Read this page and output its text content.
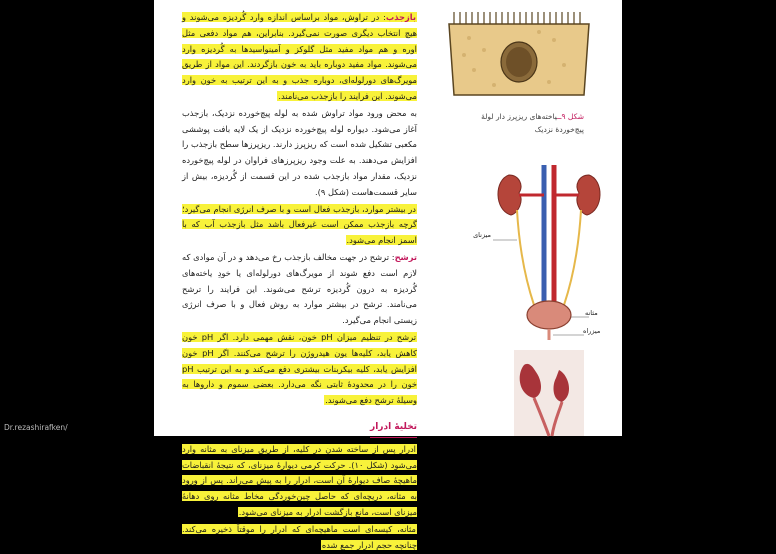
بازجذب: در تراوش، مواد براساس اندازه وارد گُردیزه می‌شوند و هیچ انتخاب دیگری صورت نمی‌گیرد. بنابراین، هم مواد دفعی مثل اوره و هم مواد مفید مثل گلوکز و آمینواسیدها به گُردیزه وارد می‌شوند. مواد مفید دوباره باید به خون بازگردند. این مواد از طریق مویرگ‌های دورلوله‌ای، دوباره جذب و به این ترتیب به خون وارد می‌شوند. این فرایند را بازجذب می‌نامند.

به محض ورود مواد تراوش شده به لوله پیچ‌خورده نزدیک، بازجذب آغاز می‌شود. دیواره لوله پیچ‌خورده نزدیک از یک لایه بافت پوششی مکعبی تشکیل شده است که ریزپرز دارند. ریزپرزها سطح بازجذب را افزایش می‌دهند. به علت وجود ریزپرزهای فراوان در لوله پیچ‌خورده نزدیک، مقدار مواد بازجذب شده در این قسمت از گُردیزه، بیش از سایر قسمت‌هاست (شکل ۹).

در بیشتر موارد، بازجذب فعال است و با صرف انرژی انجام می‌گیرد؛ گرچه بازجذب ممکن است غیرفعال باشد مثل بازجذب آب که با اسمز انجام می‌شود.

ترشح: ترشح در جهت مخالف بازجذب رخ می‌دهد و در آن موادی که لازم است دفع شوند از مویرگ‌های دورلوله‌ای یا خودِ یاخته‌های گُردیزه به درون گُردیزه ترشح می‌شوند. این فرایند را ترشح می‌نامند. ترشح در بیشتر موارد به روش فعال و با صرف انرژی زیستی انجام می‌گیرد.

ترشح در تنظیم میزان pH خون، نقش مهمی دارد. اگر pH خون کاهش یابد، کلیه‌ها یون هیدروژن را ترشح می‌کنند. اگر pH خون افزایش یابد، کلیه بیکربنات بیشتری دفع می‌کند و به این ترتیب pH خون را در محدودۀ ثابتی نگه می‌دارد. بعضی سموم و داروها به وسیلۀ ترشح دفع می‌شوند.

تخلیۀ ادرار

ادرار پس از ساخته شدن در کلیه، از طریق میزنای به مثانه وارد می‌شود (شکل ۱۰). حرکت کرمی دیوارۀ میزنای، که نتیجۀ انقباضات ماهیچۀ صاف دیوارۀ آن است، ادرار را به پیش می‌راند. پس از ورود به مثانه، دریچه‌ای که حاصل چین‌خوردگی مخاط مثانه روی دهانۀ میزنای است، مانع بازگشت ادرار به میزنای می‌شود.

مثانه، کیسه‌ای است ماهیچه‌ای که ادرار را موقتاً ذخیره می‌کند. چنانچه حجم ادرار جمع شده

شکل ۹ــیاخته‌های ریزپرز دار لولۀ پیچ‌خوردۀ نزدیک
میزنای
مثانه
میزراه
Dr.rezashirafken/
